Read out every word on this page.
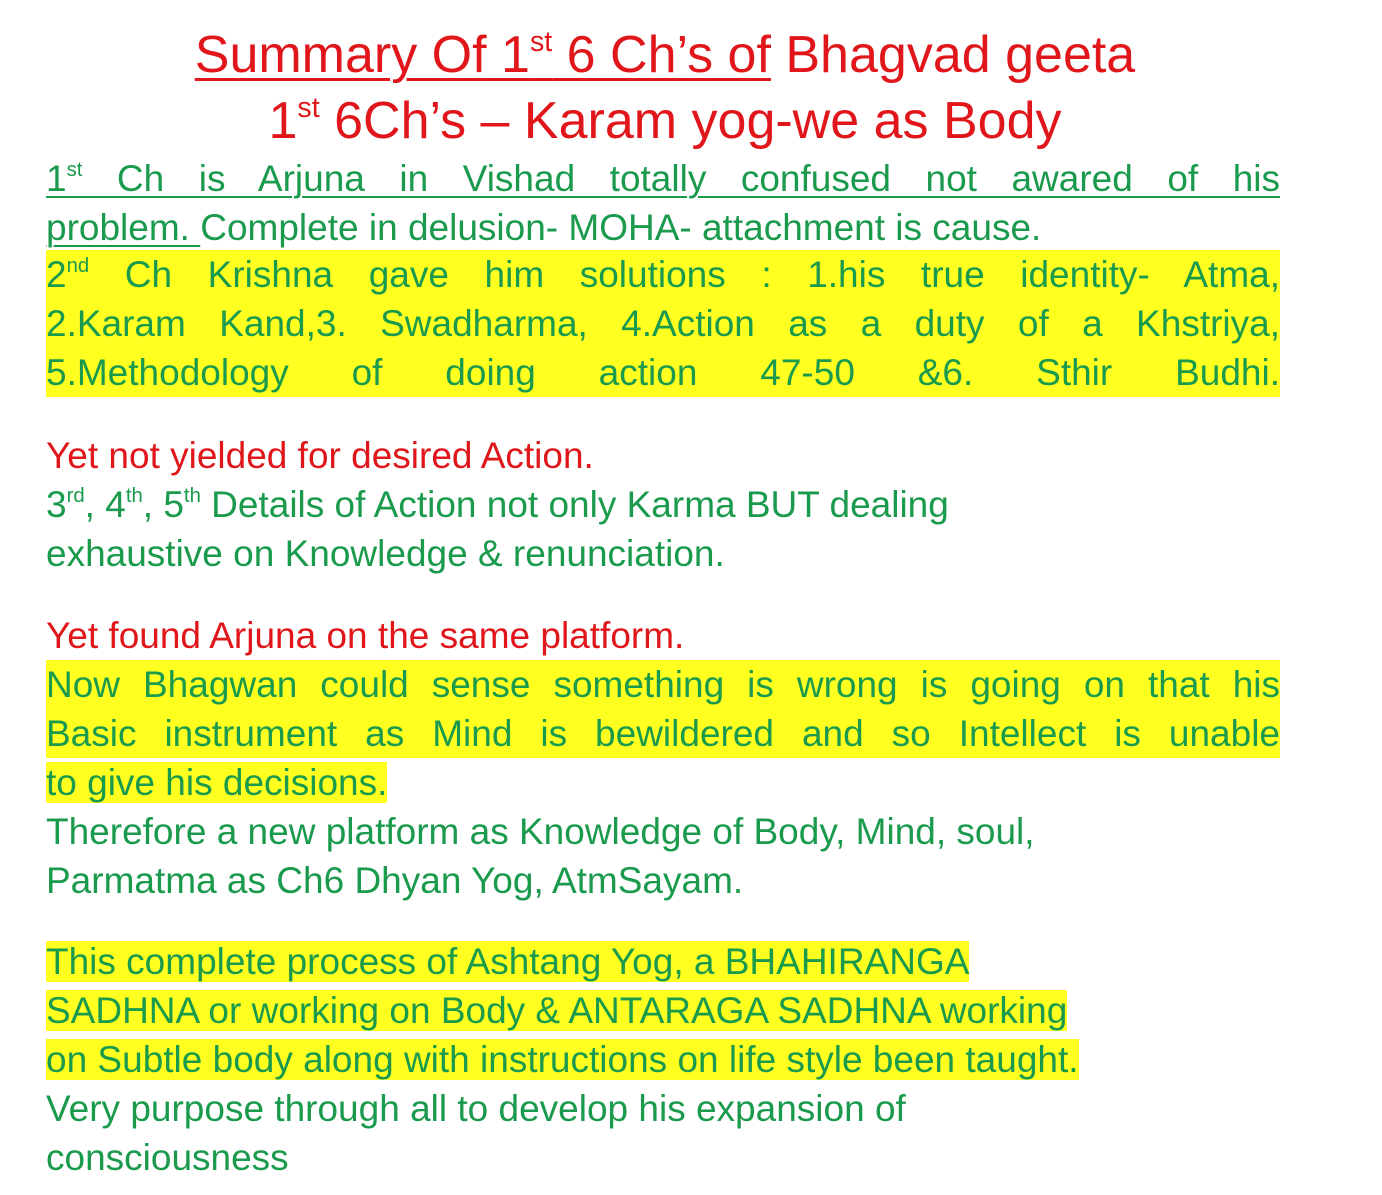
Summary Of 1st 6 Ch’s of Bhagvad geeta
1st 6Ch’s – Karam yog-we as Body
1st Ch is Arjuna in Vishad totally confused not awared of his
problem. Complete in delusion- MOHA- attachment is cause.
2nd Ch Krishna gave him solutions : 1.his true identity- Atma,
2.Karam Kand,3. Swadharma, 4.Action as a duty of a Khstriya,
5.Methodology of doing action 47-50 &6. Sthir Budhi.
Yet not yielded for desired Action.
3rd, 4th, 5th Details of Action not only Karma BUT dealing
exhaustive on Knowledge & renunciation.
Yet found Arjuna on the same platform.
Now Bhagwan could sense something is wrong is going on that his
Basic instrument as Mind is bewildered and so Intellect is unable
to give his decisions.
Therefore a new platform as Knowledge of Body, Mind, soul,
Parmatma as Ch6 Dhyan Yog, AtmSayam.
This complete process of Ashtang Yog, a BHAHIRANGA
SADHNA or working on Body & ANTARAGA SADHNA working
on Subtle body along with instructions on life style been taught.
Very purpose through all to develop his expansion of
consciousness
